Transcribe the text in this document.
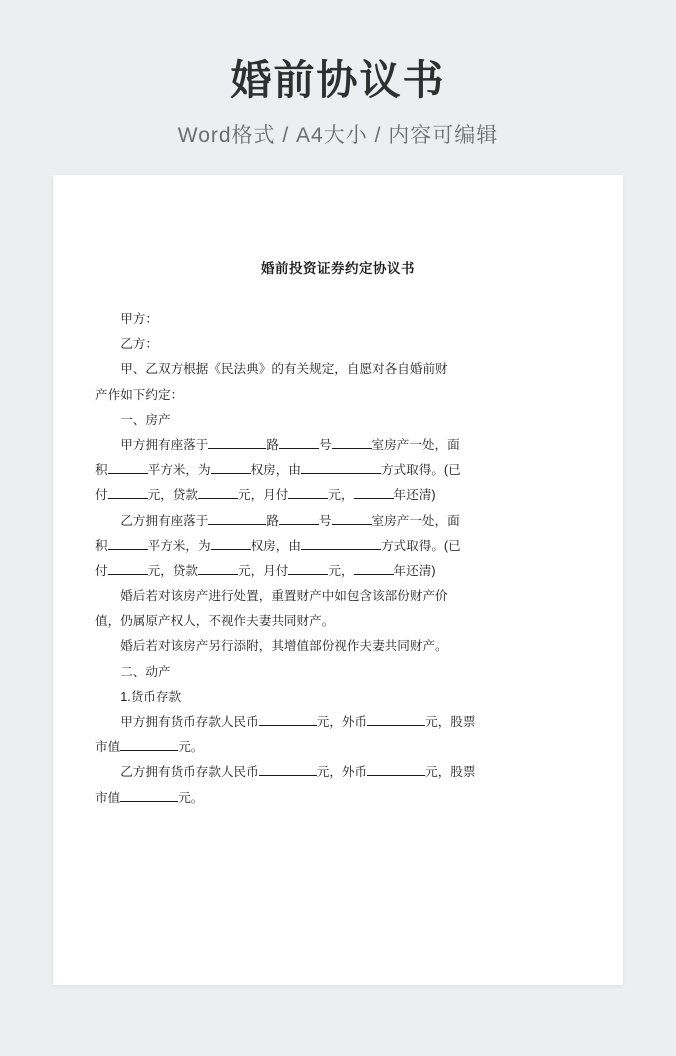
婚前协议书
Word格式 / A4大小 / 内容可编辑
婚前投资证券约定协议书

甲方：

乙方：

甲、乙双方根据《民法典》的有关规定，自愿对各自婚前财

产作如下约定：

一、房产

甲方拥有座落于	路	号	室房产一处，面

积	平方米，为	权房，由	方式取得。(已

付	元，贷款	元，月付	元，	年还清)

乙方拥有座落于	路	号	室房产一处，面

积	平方米，为	权房，由	方式取得。(已

付	元，贷款	元，月付	元，	年还清)

婚后若对该房产进行处置，重置财产中如包含该部份财产价

值，仍属原产权人，不视作夫妻共同财产。

婚后若对该房产另行添附，其增值部份视作夫妻共同财产。

二、动产

1.货币存款

甲方拥有货币存款人民币	元，外币	元，股票

市值	元。

乙方拥有货币存款人民币	元，外币	元，股票

市值	元。
